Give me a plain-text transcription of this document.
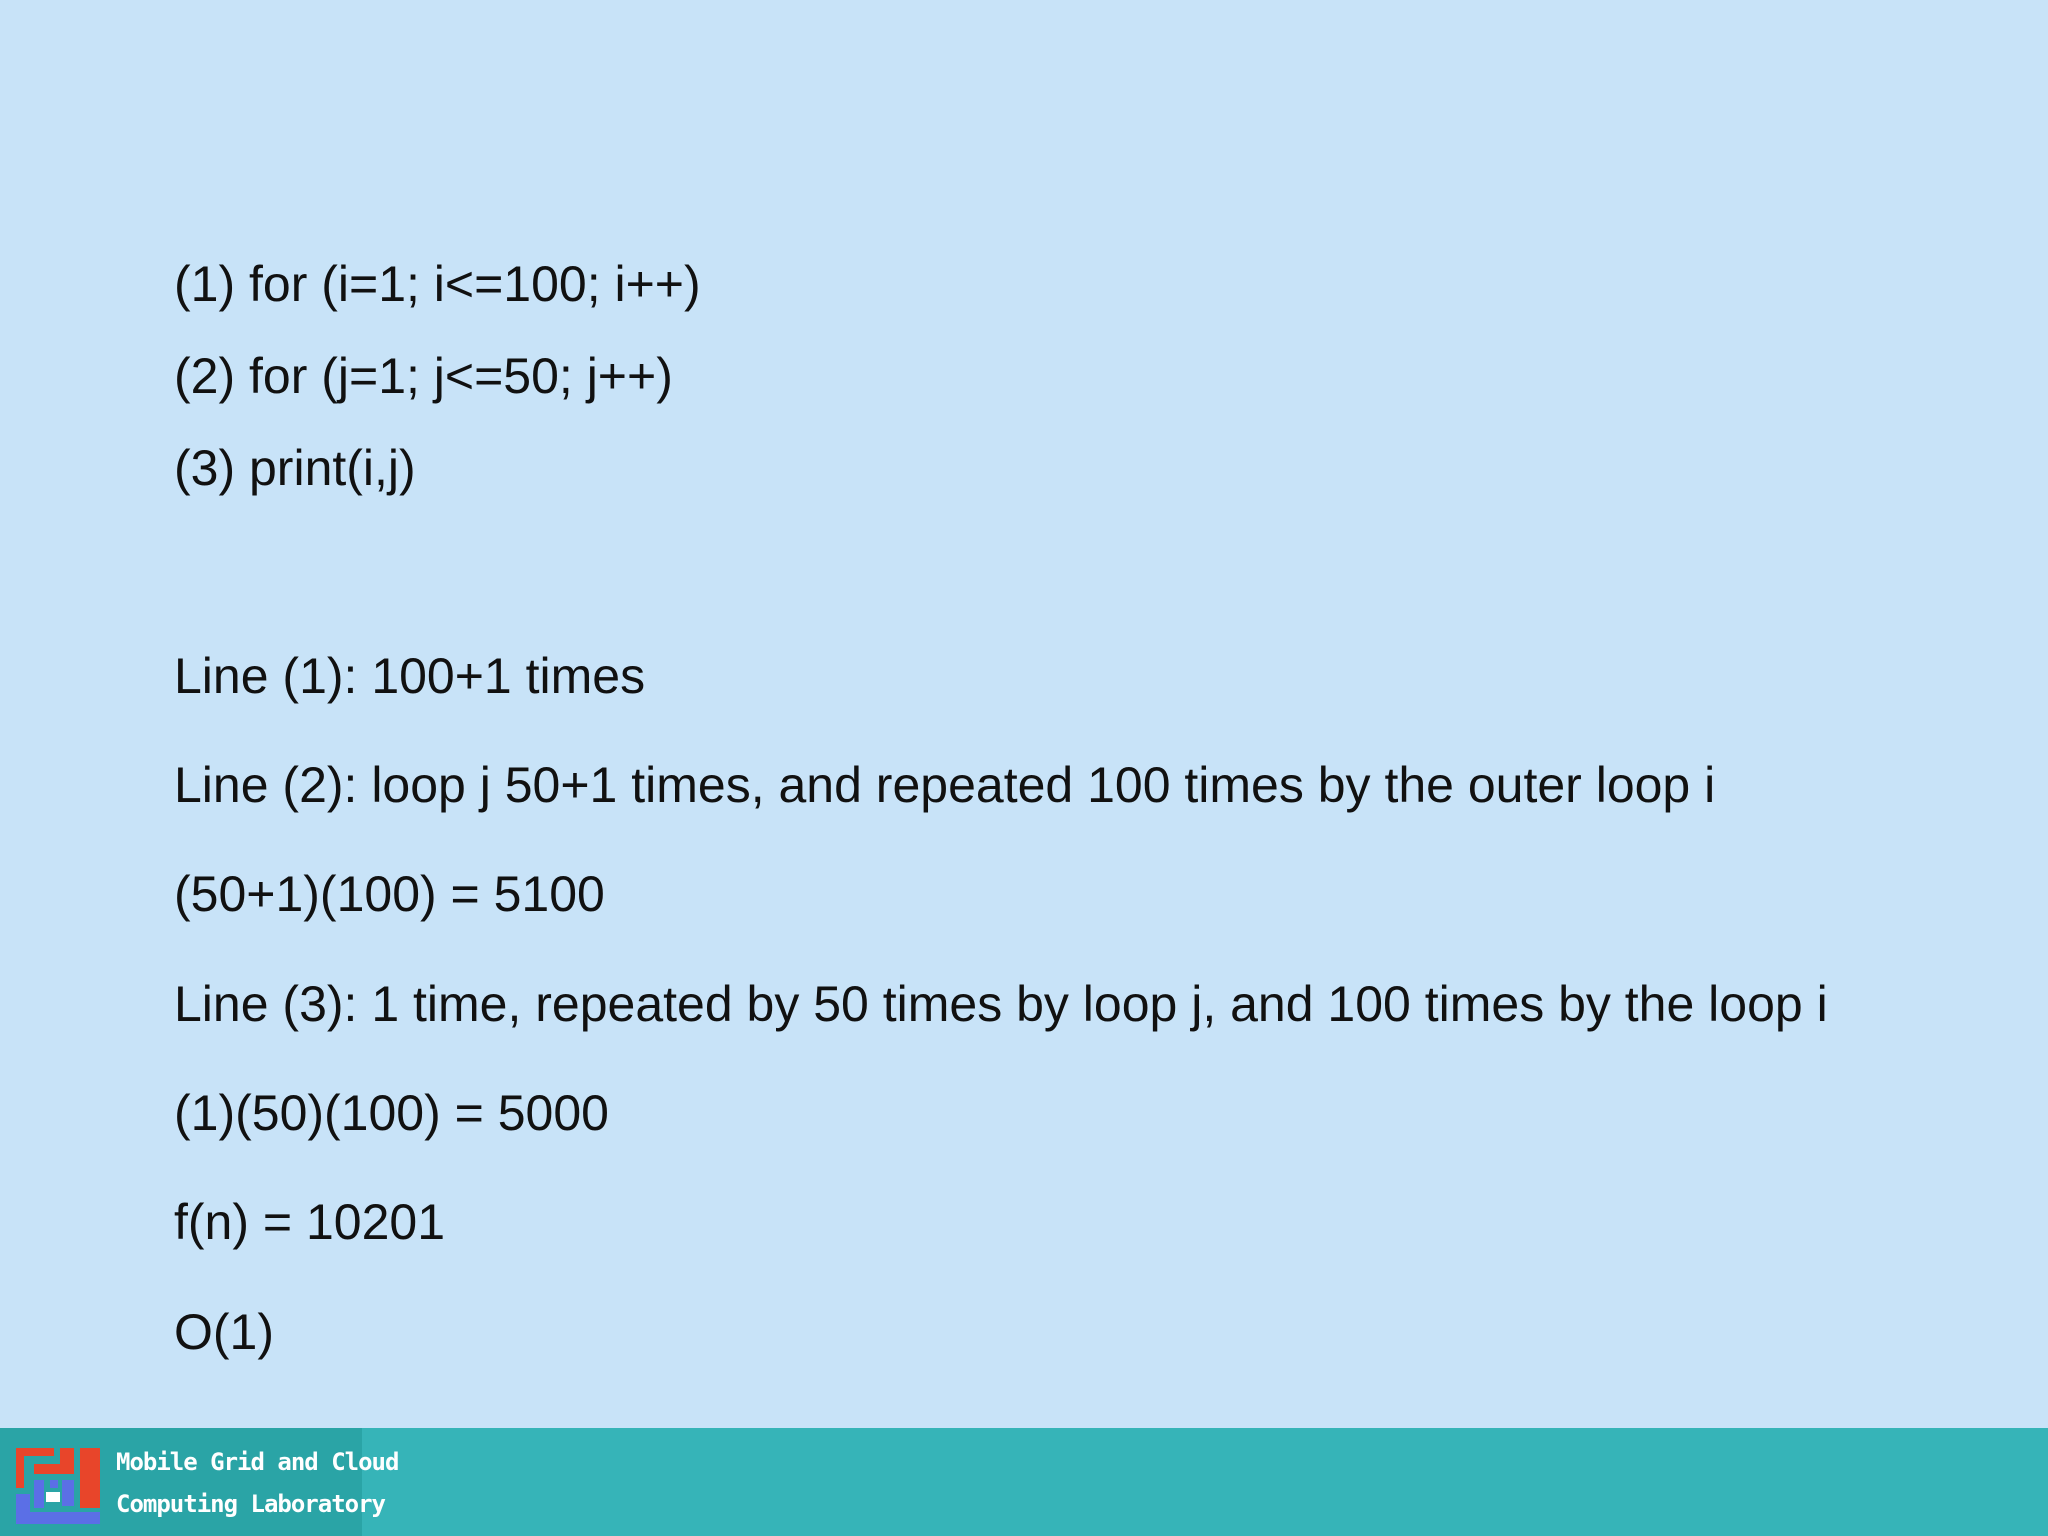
(1) for (i=1; i<=100; i++)
(2) for (j=1; j<=50; j++)
(3) print(i,j)
Line (1): 100+1 times
Line (2): loop j 50+1 times, and repeated 100 times by the outer loop i
(50+1)(100) = 5100
Line (3): 1 time, repeated by 50 times by loop j, and 100 times by the loop i
(1)(50)(100) = 5000
f(n) = 10201
O(1)
Mobile Grid and Cloud
Computing Laboratory
